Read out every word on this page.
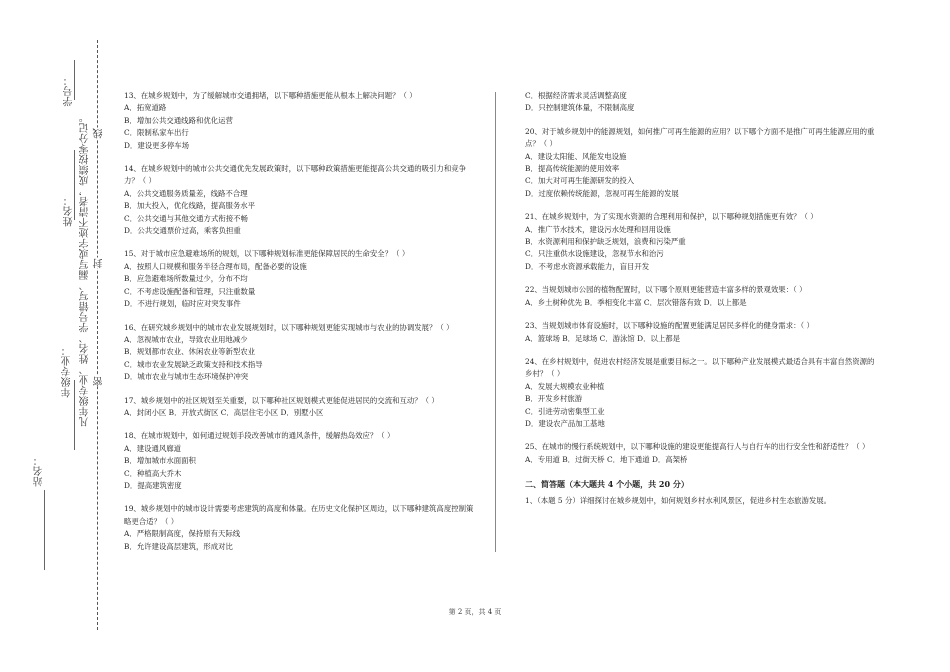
学号：
姓名：
年级专业：
站名：
凡年级专业、姓名、学号错写、漏写或字迹不清者，成绩按零分记。 线
封
密

13、在城乡规划中，为了缓解城市交通拥堵，以下哪种措施更能从根本上解决问题？（ ）

A．拓宽道路

B．增加公共交通线路和优化运营

C．限制私家车出行

D．建设更多停车场

14、在城乡规划中的城市公共交通优先发展政策时，以下哪种政策措施更能提高公共交通的吸引力和竞争力？（ ）

A．公共交通服务质量差，线路不合理

B．加大投入，优化线路，提高服务水平

C．公共交通与其他交通方式衔接不畅

D．公共交通票价过高，乘客负担重

15、对于城市应急避难场所的规划，以下哪种规划标准更能保障居民的生命安全？（ ）

A．按照人口规模和服务半径合理布局，配备必要的设施

B．应急避难场所数量过少，分布不均

C．不考虑设施配备和管理，只注重数量

D．不进行规划，临时应对突发事件

16、在研究城乡规划中的城市农业发展规划时，以下哪种规划更能实现城市与农业的协调发展？（ ）

A．忽视城市农业，导致农业用地减少

B．规划都市农业、休闲农业等新型农业

C．城市农业发展缺乏政策支持和技术指导

D．城市农业与城市生态环境保护冲突

17、城乡规划中的社区规划至关重要，以下哪种社区规划模式更能促进居民的交流和互动？（ ）

A．封闭小区 B．开放式街区 C．高层住宅小区 D．别墅小区

18、在城市规划中，如何通过规划手段改善城市的通风条件，缓解热岛效应？（ ）

A．建设通风廊道

B．增加城市水面面积

C．种植高大乔木

D．提高建筑密度

19、城乡规划中的城市设计需要考虑建筑的高度和体量。在历史文化保护区周边，以下哪种建筑高度控制策略更合适？（ ）

A．严格限制高度，保持原有天际线

B．允许建设高层建筑，形成对比

C．根据经济需求灵活调整高度

D．只控制建筑体量，不限制高度

20、对于城乡规划中的能源规划，如何推广可再生能源的应用？以下哪个方面不是推广可再生能源应用的重点？（ ）

A．建设太阳能、风能发电设施

B．提高传统能源的使用效率

C．加大对可再生能源研发的投入

D．过度依赖传统能源，忽视可再生能源的发展

21、在城乡规划中，为了实现水资源的合理利用和保护，以下哪种规划措施更有效？（ ）

A．推广节水技术，建设污水处理和回用设施

B．水资源利用和保护缺乏规划，浪费和污染严重

C．只注重供水设施建设，忽视节水和治污

D．不考虑水资源承载能力，盲目开发

22、当规划城市公园的植物配置时，以下哪个原则更能营造丰富多样的景观效果：（ ）

A．乡土树种优先 B．季相变化丰富 C．层次错落有致 D．以上都是

23、当规划城市体育设施时，以下哪种设施的配置更能满足居民多样化的健身需求：（ ）

A．篮球场 B．足球场 C．游泳馆 D．以上都是

24、在乡村规划中，促进农村经济发展是重要目标之一。以下哪种产业发展模式最适合具有丰富自然资源的乡村？（ ）

A．发展大规模农业种植

B．开发乡村旅游

C．引进劳动密集型工业

D．建设农产品加工基地

25、在城市的慢行系统规划中，以下哪种设施的建设更能提高行人与自行车的出行安全性和舒适性？（ ）

A．专用道 B．过街天桥 C．地下通道 D．高架桥

二、简答题（本大题共 4 个小题，共 20 分）

1、（本题 5 分）详细探讨在城乡规划中，如何规划乡村水利风景区，促进乡村生态旅游发展。

第 2 页，共 4 页
